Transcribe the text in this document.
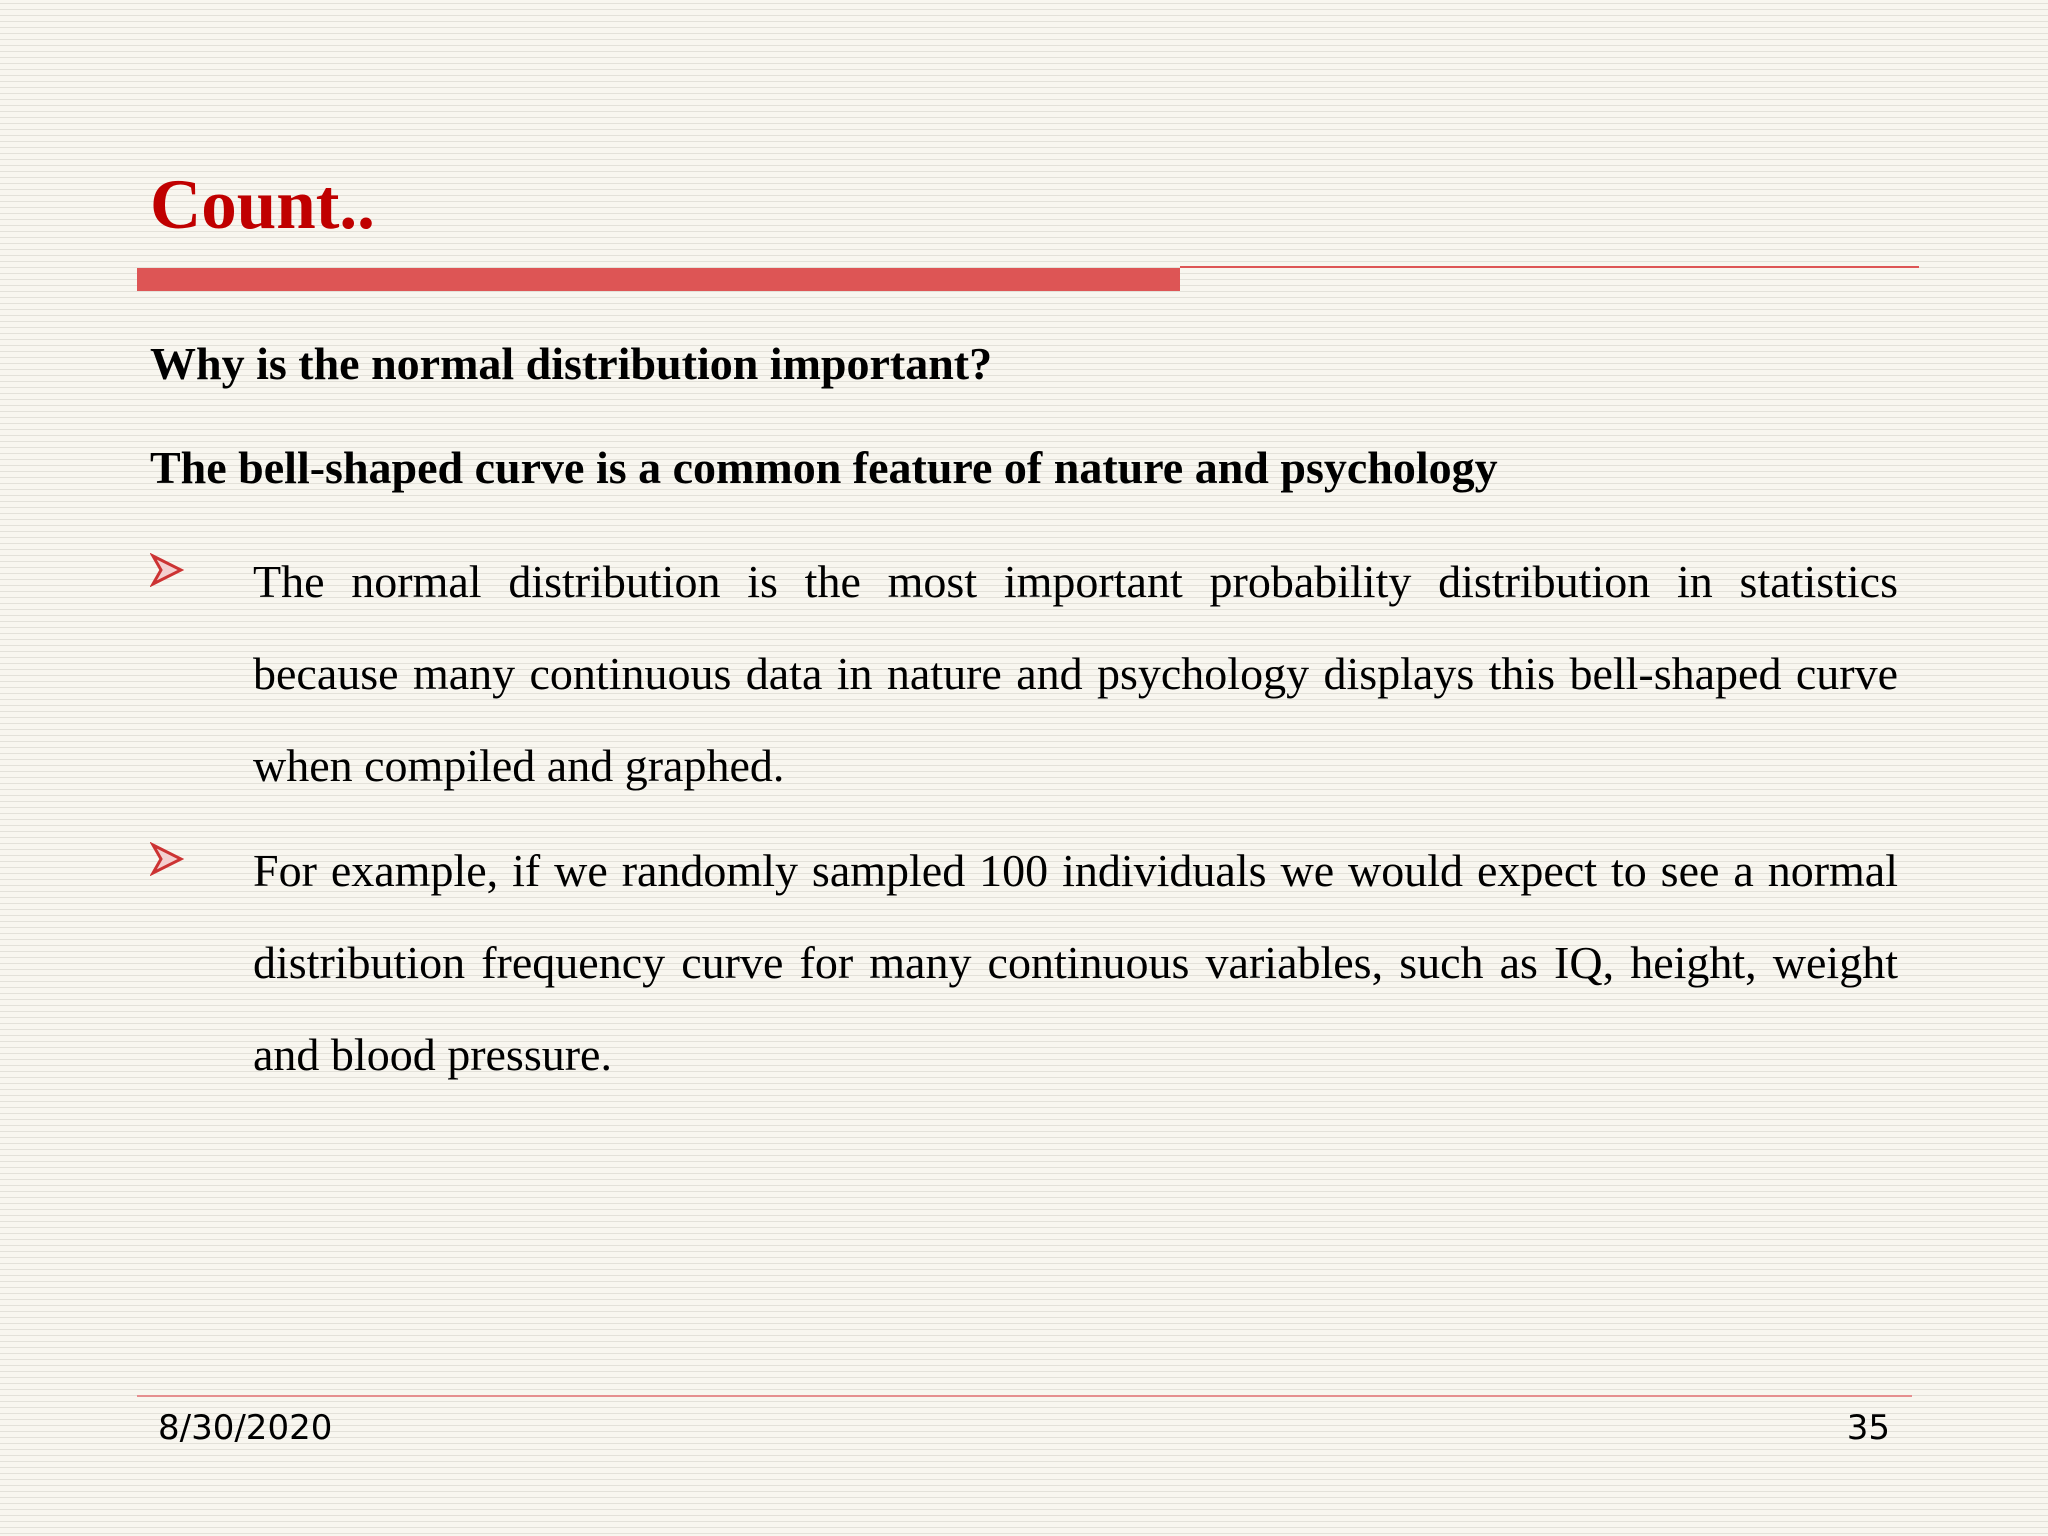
Count..

Why is the normal distribution important?

The bell-shaped curve is a common feature of nature and psychology

The normal distribution is the most important probability distribution in statistics because many continuous data in nature and psychology displays this bell-shaped curve when compiled and graphed.
For example, if we randomly sampled 100 individuals we would expect to see a normal distribution frequency curve for many continuous variables, such as IQ, height, weight and blood pressure.

8/30/2020	35
